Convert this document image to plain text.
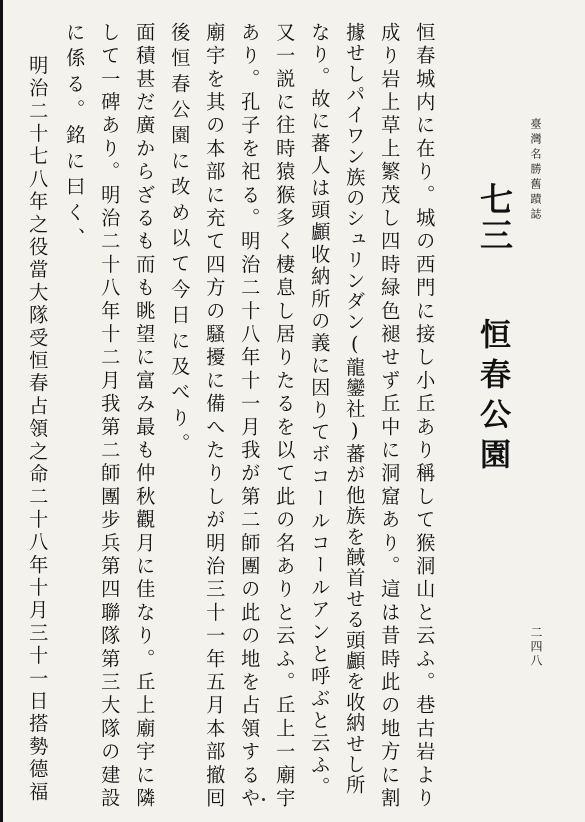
臺灣名勝舊蹟誌
二四八
七三
恒春公園
恒春城内に在り。城の西門に接し小丘あり稱して猴洞山と云ふ。巷古岩より
成り岩上草上繁茂し四時緑色褪せず丘中に洞窟あり。這は昔時此の地方に割
據せしパイワン族のシュリンダン(龍鑾社)蕃が他族を馘首せる頭顱を收納せし所
なり。故に蕃人は頭顱收納所の義に因りてボコールコールアンと呼ぶと云ふ。
又一説に往時猿猴多く棲息し居りたるを以て此の名ありと云ふ。丘上一廟宇
あり。孔子を祀る。明治二十八年十一月我が第二師團の此の地を占領するや
廟宇を其の本部に充て四方の騷擾に備へたりしが明治三十一年五月本部撤囘
後恒春公園に改め以て今日に及べり。
面積甚だ廣からざるも而も眺望に富み最も仲秋觀月に佳なり。丘上廟宇に隣
して一碑あり。明治二十八年十二月我第二師團步兵第四聯隊第三大隊の建設
に係る。銘に曰く、
明治二十七八年之役當大隊受恒春占領之命二十八年十月三十一日搭勢德福
